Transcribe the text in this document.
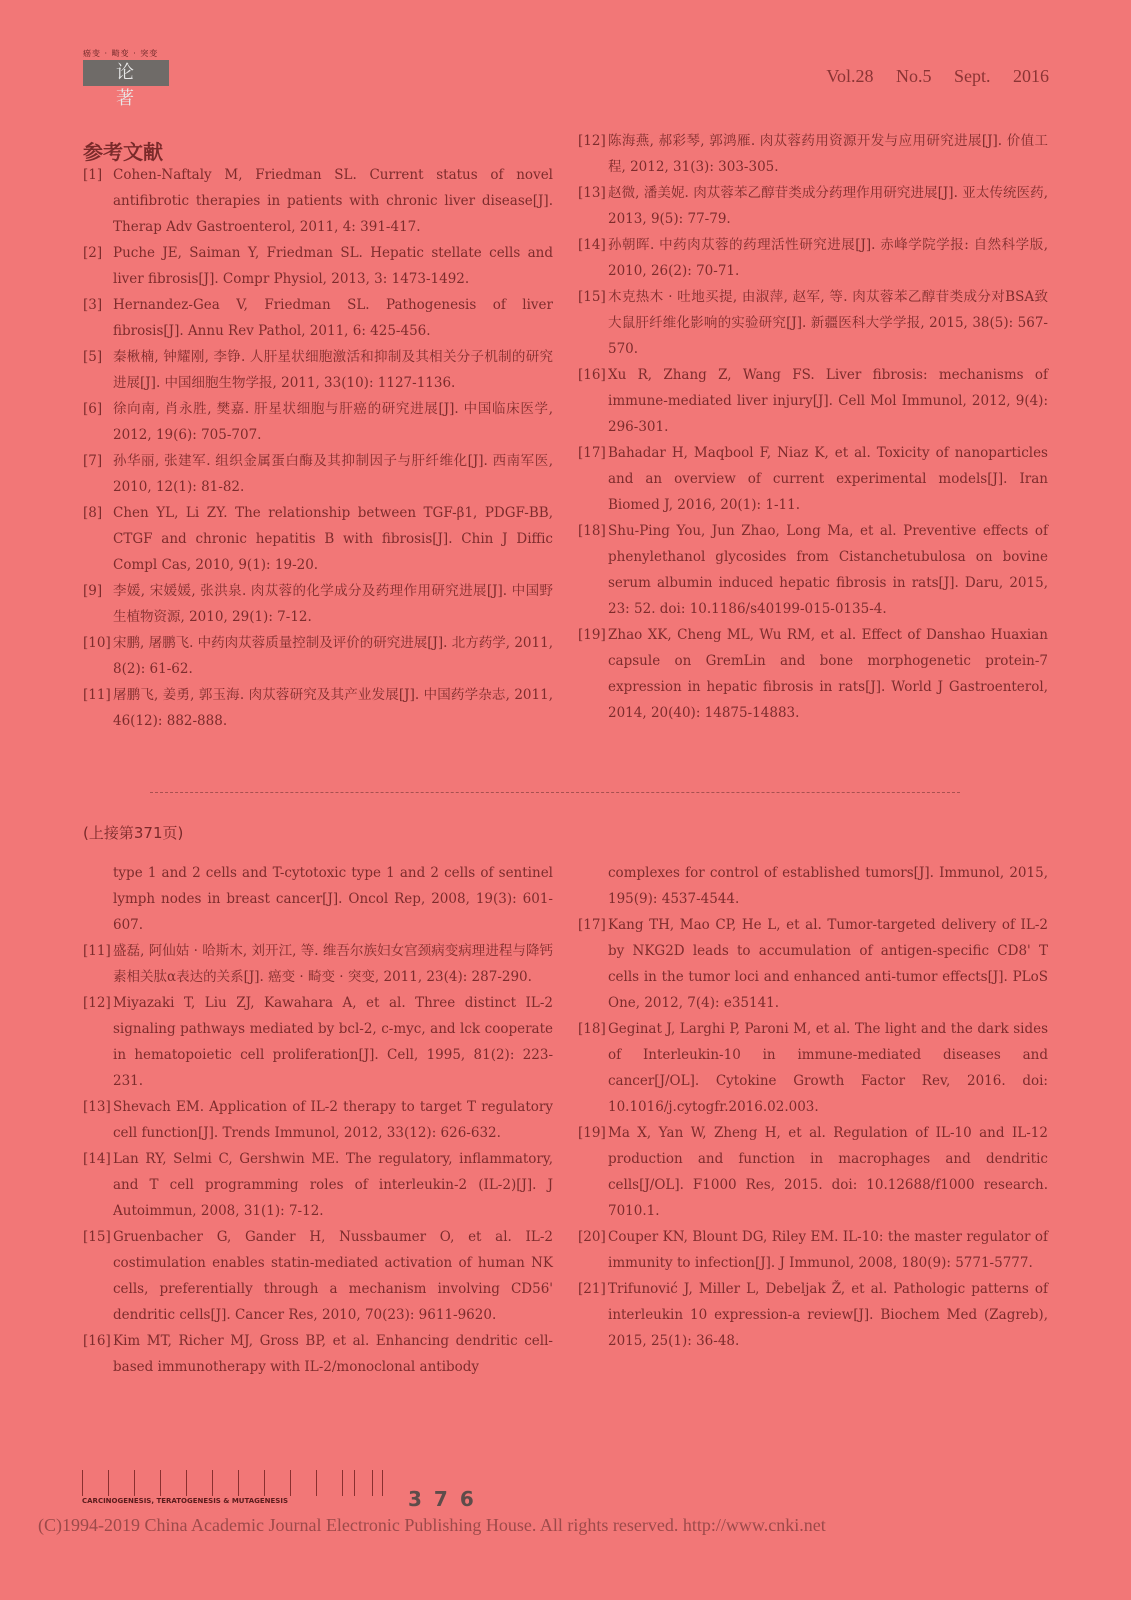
癌变 · 畸变 · 突变
论 著
Vol.28 No.5 Sept. 2016
参考文献
[1] Cohen-Naftaly M, Friedman SL. Current status of novel antifibrotic therapies in patients with chronic liver disease[J]. Therap Adv Gastroenterol, 2011, 4: 391-417.
[2] Puche JE, Saiman Y, Friedman SL. Hepatic stellate cells and liver fibrosis[J]. Compr Physiol, 2013, 3: 1473-1492.
[3] Hernandez-Gea V, Friedman SL. Pathogenesis of liver fibrosis[J]. Annu Rev Pathol, 2011, 6: 425-456.
[5] 秦楸楠, 钟耀刚, 李铮. 人肝星状细胞激活和抑制及其相关分子机制的研究进展[J]. 中国细胞生物学报, 2011, 33(10): 1127-1136.
[6] 徐向南, 肖永胜, 樊嘉. 肝星状细胞与肝癌的研究进展[J]. 中国临床医学, 2012, 19(6): 705-707.
[7] 孙华丽, 张建军. 组织金属蛋白酶及其抑制因子与肝纤维化[J]. 西南军医, 2010, 12(1): 81-82.
[8] Chen YL, Li ZY. The relationship between TGF-β1, PDGF-BB, CTGF and chronic hepatitis B with fibrosis[J]. Chin J Diffic Compl Cas, 2010, 9(1): 19-20.
[9] 李媛, 宋媛媛, 张洪泉. 肉苁蓉的化学成分及药理作用研究进展[J]. 中国野生植物资源, 2010, 29(1): 7-12.
[10] 宋鹏, 屠鹏飞. 中药肉苁蓉质量控制及评价的研究进展[J]. 北方药学, 2011, 8(2): 61-62.
[11] 屠鹏飞, 姜勇, 郭玉海. 肉苁蓉研究及其产业发展[J]. 中国药学杂志, 2011, 46(12): 882-888.
[12] 陈海燕, 郝彩琴, 郭鸿雁. 肉苁蓉药用资源开发与应用研究进展[J]. 价值工程, 2012, 31(3): 303-305.
[13] 赵微, 潘美妮. 肉苁蓉苯乙醇苷类成分药理作用研究进展[J]. 亚太传统医药, 2013, 9(5): 77-79.
[14] 孙朝晖. 中药肉苁蓉的药理活性研究进展[J]. 赤峰学院学报: 自然科学版, 2010, 26(2): 70-71.
[15] 木克热木 · 吐地买提, 由淑萍, 赵军, 等. 肉苁蓉苯乙醇苷类成分对BSA致大鼠肝纤维化影响的实验研究[J]. 新疆医科大学学报, 2015, 38(5): 567-570.
[16] Xu R, Zhang Z, Wang FS. Liver fibrosis: mechanisms of immune-mediated liver injury[J]. Cell Mol Immunol, 2012, 9(4): 296-301.
[17] Bahadar H, Maqbool F, Niaz K, et al. Toxicity of nanoparticles and an overview of current experimental models[J]. Iran Biomed J, 2016, 20(1): 1-11.
[18] Shu-Ping You, Jun Zhao, Long Ma, et al. Preventive effects of phenylethanol glycosides from Cistanchetubulosa on bovine serum albumin induced hepatic fibrosis in rats[J]. Daru, 2015, 23: 52. doi: 10.1186/s40199-015-0135-4.
[19] Zhao XK, Cheng ML, Wu RM, et al. Effect of Danshao Huaxian capsule on GremLin and bone morphogenetic protein-7 expression in hepatic fibrosis in rats[J]. World J Gastroenterol, 2014, 20(40): 14875-14883.
(上接第371页)
type 1 and 2 cells and T-cytotoxic type 1 and 2 cells of sentinel lymph nodes in breast cancer[J]. Oncol Rep, 2008, 19(3): 601-607.
[11] 盛磊, 阿仙姑 · 哈斯木, 刘开江, 等. 维吾尔族妇女宫颈病变病理进程与降钙素相关肽α表达的关系[J]. 癌变 · 畸变 · 突变, 2011, 23(4): 287-290.
[12] Miyazaki T, Liu ZJ, Kawahara A, et al. Three distinct IL-2 signaling pathways mediated by bcl-2, c-myc, and lck cooperate in hematopoietic cell proliferation[J]. Cell, 1995, 81(2): 223-231.
[13] Shevach EM. Application of IL-2 therapy to target T regulatory cell function[J]. Trends Immunol, 2012, 33(12): 626-632.
[14] Lan RY, Selmi C, Gershwin ME. The regulatory, inflammatory, and T cell programming roles of interleukin-2 (IL-2)[J]. J Autoimmun, 2008, 31(1): 7-12.
[15] Gruenbacher G, Gander H, Nussbaumer O, et al. IL-2 costimulation enables statin-mediated activation of human NK cells, preferentially through a mechanism involving CD56' dendritic cells[J]. Cancer Res, 2010, 70(23): 9611-9620.
[16] Kim MT, Richer MJ, Gross BP, et al. Enhancing dendritic cell-based immunotherapy with IL-2/monoclonal antibody
complexes for control of established tumors[J]. Immunol, 2015, 195(9): 4537-4544.
[17] Kang TH, Mao CP, He L, et al. Tumor-targeted delivery of IL-2 by NKG2D leads to accumulation of antigen-specific CD8' T cells in the tumor loci and enhanced anti-tumor effects[J]. PLoS One, 2012, 7(4): e35141.
[18] Geginat J, Larghi P, Paroni M, et al. The light and the dark sides of Interleukin-10 in immune-mediated diseases and cancer[J/OL]. Cytokine Growth Factor Rev, 2016. doi: 10.1016/j.cytogfr.2016.02.003.
[19] Ma X, Yan W, Zheng H, et al. Regulation of IL-10 and IL-12 production and function in macrophages and dendritic cells[J/OL]. F1000 Res, 2015. doi: 10.12688/f1000 research. 7010.1.
[20] Couper KN, Blount DG, Riley EM. IL-10: the master regulator of immunity to infection[J]. J Immunol, 2008, 180(9): 5771-5777.
[21] Trifunović J, Miller L, Debeljak Ž, et al. Pathologic patterns of interleukin 10 expression-a review[J]. Biochem Med (Zagreb), 2015, 25(1): 36-48.
CARCINOGENESIS, TERATOGENESIS & MUTAGENESIS	376
(C)1994-2019 China Academic Journal Electronic Publishing House. All rights reserved. http://www.cnki.net
